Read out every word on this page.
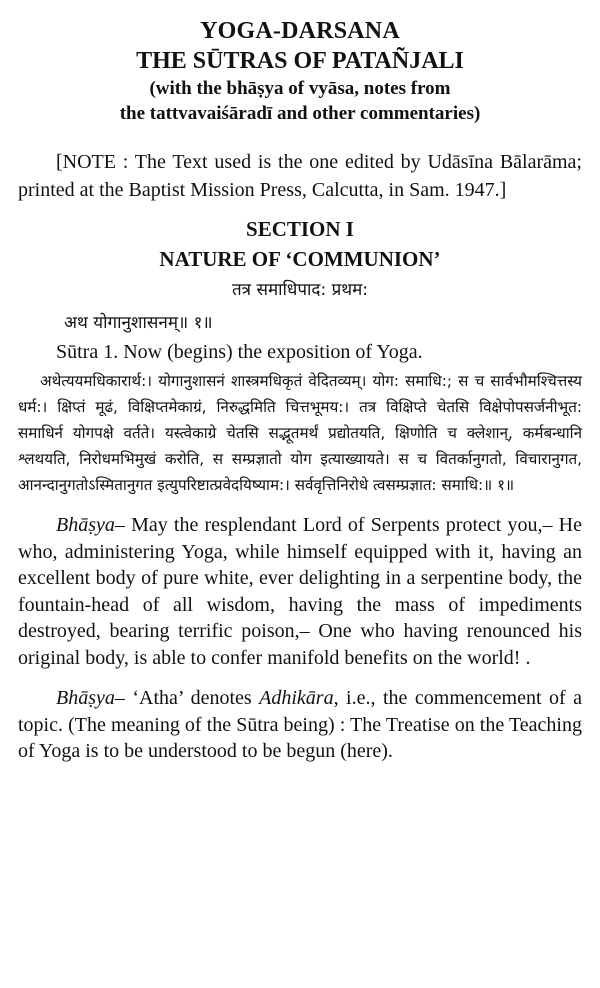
YOGA-DARSANA
THE SŪTRAS OF PATAÑJALI
(with the bhāṣya of vyāsa, notes from
the tattvavaiśāradī and other commentaries)
[NOTE : The Text used is the one edited by Udāsīna Bālarāma; printed at the Baptist Mission Press, Calcutta, in Sam. 1947.]
SECTION I
NATURE OF ‘COMMUNION’
तत्र समाधिपाद: प्रथम:
अथ योगानुशासनम्॥ १॥
Sūtra 1. Now (begins) the exposition of Yoga.
अथेत्ययमधिकारार्थ:। योगानुशासनं शास्त्रमधिकृतं वेदितव्यम्। योग: समाधि:; स च सार्वभौमश्चित्तस्य धर्म:। क्षिप्तं मूढं, विक्षिप्तमेकाग्रं, निरुद्धमिति चित्तभूमय:। तत्र विक्षिप्ते चेतसि विक्षेपोपसर्जनीभूत: समाधिर्न योगपक्षे वर्तते। यस्त्वेकाग्रे चेतसि सद्भूतमर्थं प्रद्योतयति, क्षिणोति च क्लेशान्, कर्मबन्धानि श्लथयति, निरोधमभिमुखं करोति, स सम्प्रज्ञातो योग इत्याख्यायते। स च वितर्कानुगतो, विचारानुगत, आनन्दानुगतोऽस्मितानुगत इत्युपरिष्टात्प्रवेदयिष्याम:। सर्ववृत्तिनिरोधे त्वसम्प्रज्ञात: समाधि:॥ १॥
Bhāṣya– May the resplendant Lord of Serpents protect you,– He who, administering Yoga, while himself equipped with it, having an excellent body of pure white, ever delighting in a serpentine body, the fountain-head of all wisdom, having the mass of impediments destroyed, bearing terrific poison,– One who having renounced his original body, is able to confer manifold benefits on the world! .
Bhāṣya– ‘Atha’ denotes Adhikāra, i.e., the commencement of a topic. (The meaning of the Sūtra being) : The Treatise on the Teaching of Yoga is to be understood to be begun (here).
